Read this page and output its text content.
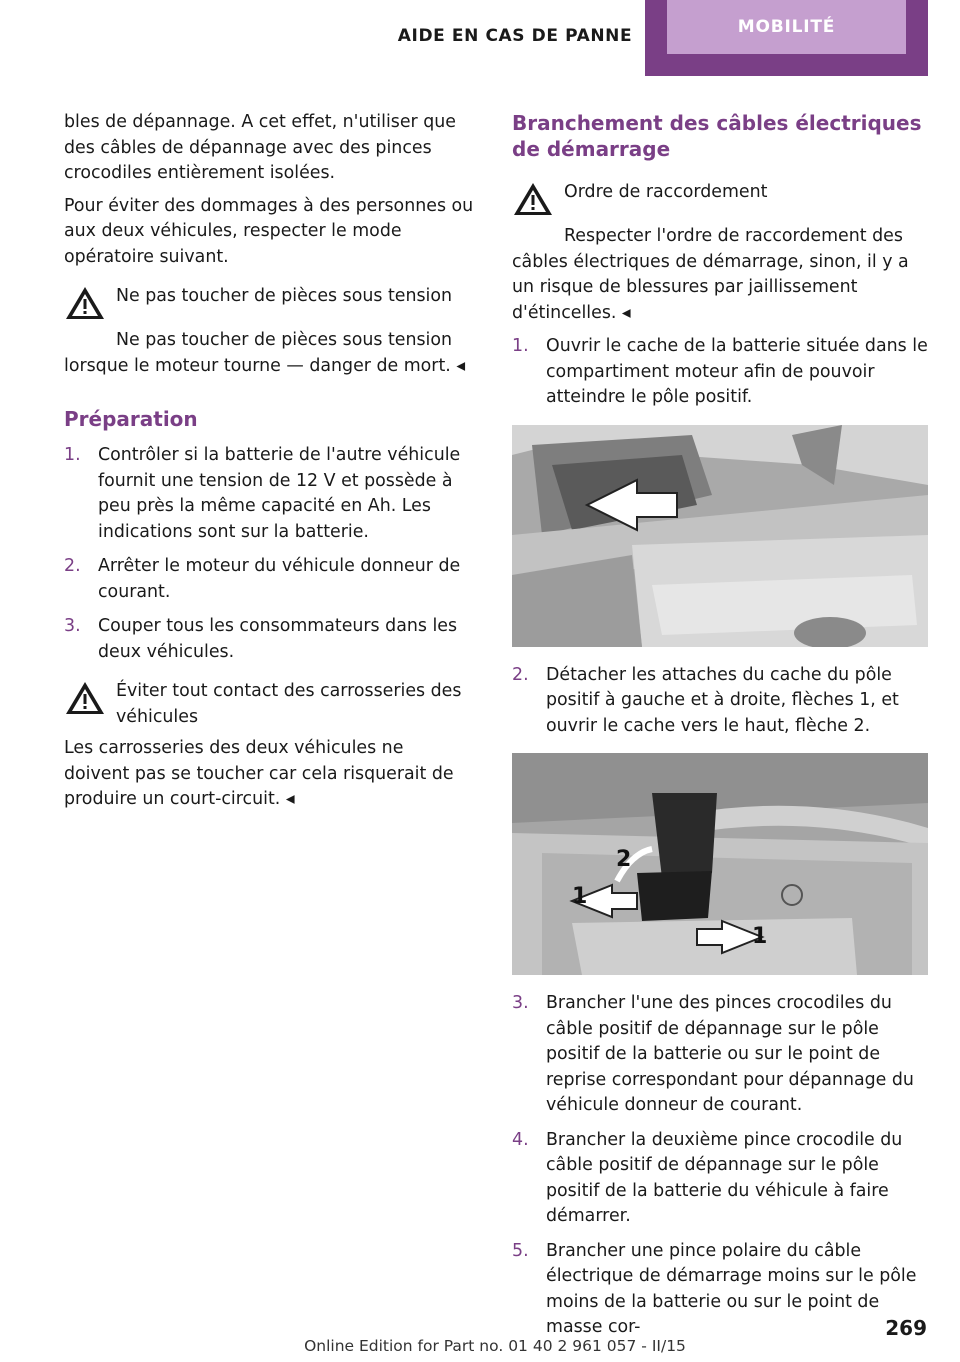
AIDE EN CAS DE PANNE	MOBILITÉ

bles de dépannage. A cet effet, n'utiliser que des câbles de dépannage avec des pinces crocodiles entièrement isolées.

Pour éviter des dommages à des personnes ou aux deux véhicules, respecter le mode opératoire suivant.

Ne pas toucher de pièces sous tension
Ne pas toucher de pièces sous tension lorsque le moteur tourne — danger de mort. ◂
Préparation
1.	Contrôler si la batterie de l'autre véhicule fournit une tension de 12 V et possède à peu près la même capacité en Ah. Les indications sont sur la batterie.
2.	Arrêter le moteur du véhicule donneur de courant.
3.	Couper tous les consommateurs dans les deux véhicules.
Éviter tout contact des carrosseries des véhicules
Les carrosseries des deux véhicules ne doivent pas se toucher car cela risquerait de produire un court-circuit. ◂
Branchement des câbles électriques de démarrage
Ordre de raccordement
Respecter l'ordre de raccordement des câbles électriques de démarrage, sinon, il y a un risque de blessures par jaillissement d'étincelles. ◂
1.	Ouvrir le cache de la batterie située dans le compartiment moteur afin de pouvoir atteindre le pôle positif.
2.	Détacher les attaches du cache du pôle positif à gauche et à droite, flèches 1, et ouvrir le cache vers le haut, flèche 2.
2
1
1
3.	Brancher l'une des pinces crocodiles du câble positif de dépannage sur le pôle positif de la batterie ou sur le point de reprise correspondant pour dépannage du véhicule donneur de courant.
4.	Brancher la deuxième pince crocodile du câble positif de dépannage sur le pôle positif de la batterie du véhicule à faire démarrer.
5.	Brancher une pince polaire du câble électrique de démarrage moins sur le pôle moins de la batterie ou sur le point de masse cor-	269
Online Edition for Part no. 01 40 2 961 057 - II/15
